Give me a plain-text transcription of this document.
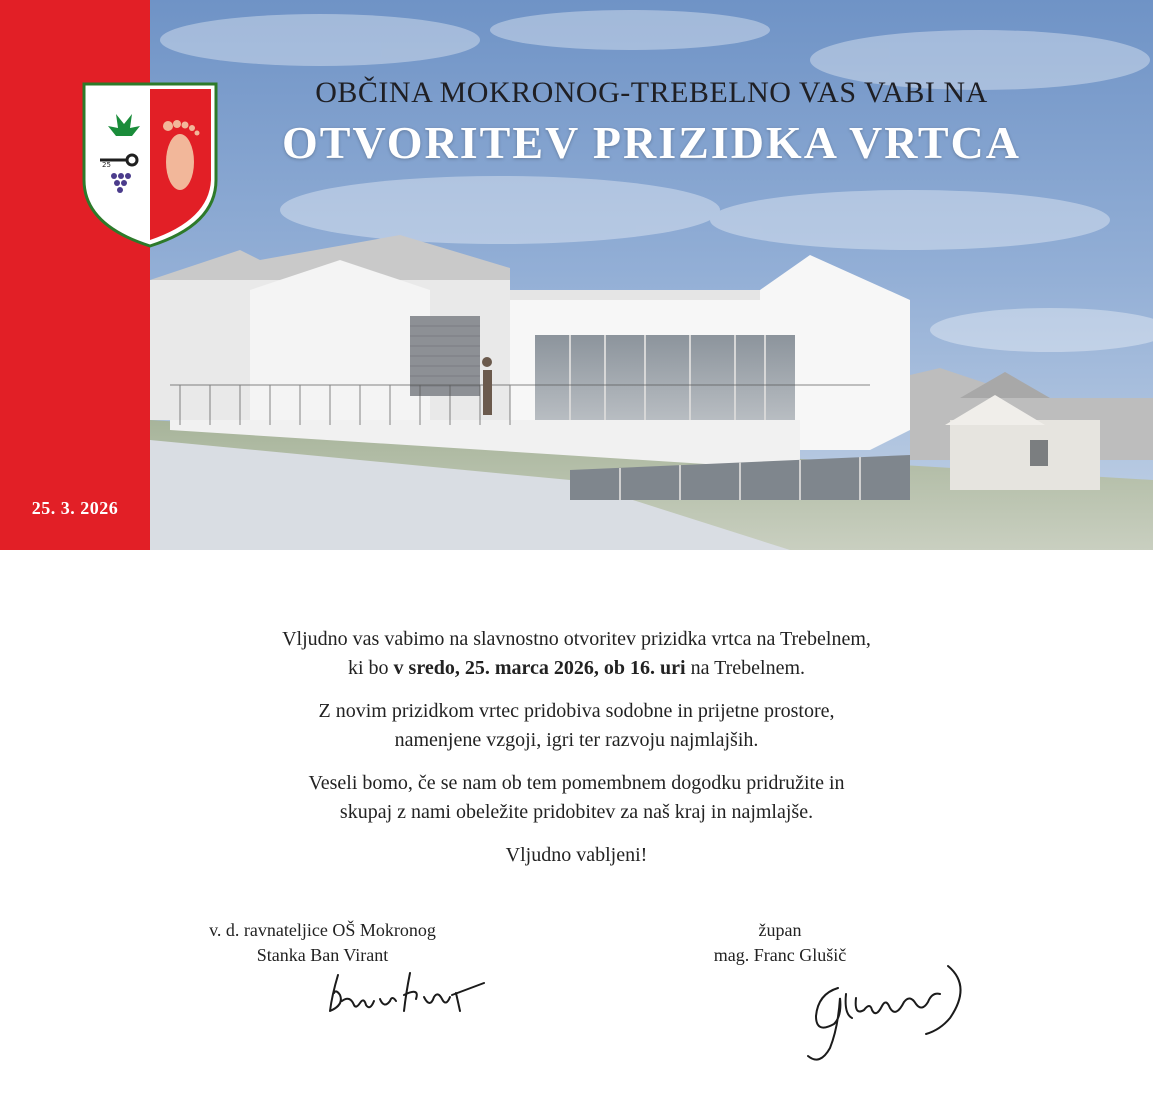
25
25. 3. 2026
OBČINA MOKRONOG-TREBELNO VAS VABI NA
OTVORITEV PRIZIDKA VRTCA

Vljudno vas vabimo na slavnostno otvoritev prizidka vrtca na Trebelnem,
ki bo v sredo, 25. marca 2026, ob 16. uri na Trebelnem.

Z novim prizidkom vrtec pridobiva sodobne in prijetne prostore,
namenjene vzgoji, igri ter razvoju najmlajših.

Veseli bomo, če se nam ob tem pomembnem dogodku pridružite in
skupaj z nami obeležite pridobitev za naš kraj in najmlajše.

Vljudno vabljeni!

v. d. ravnateljice OŠ Mokronog
Stanka Ban Virant
župan
mag. Franc Glušič
